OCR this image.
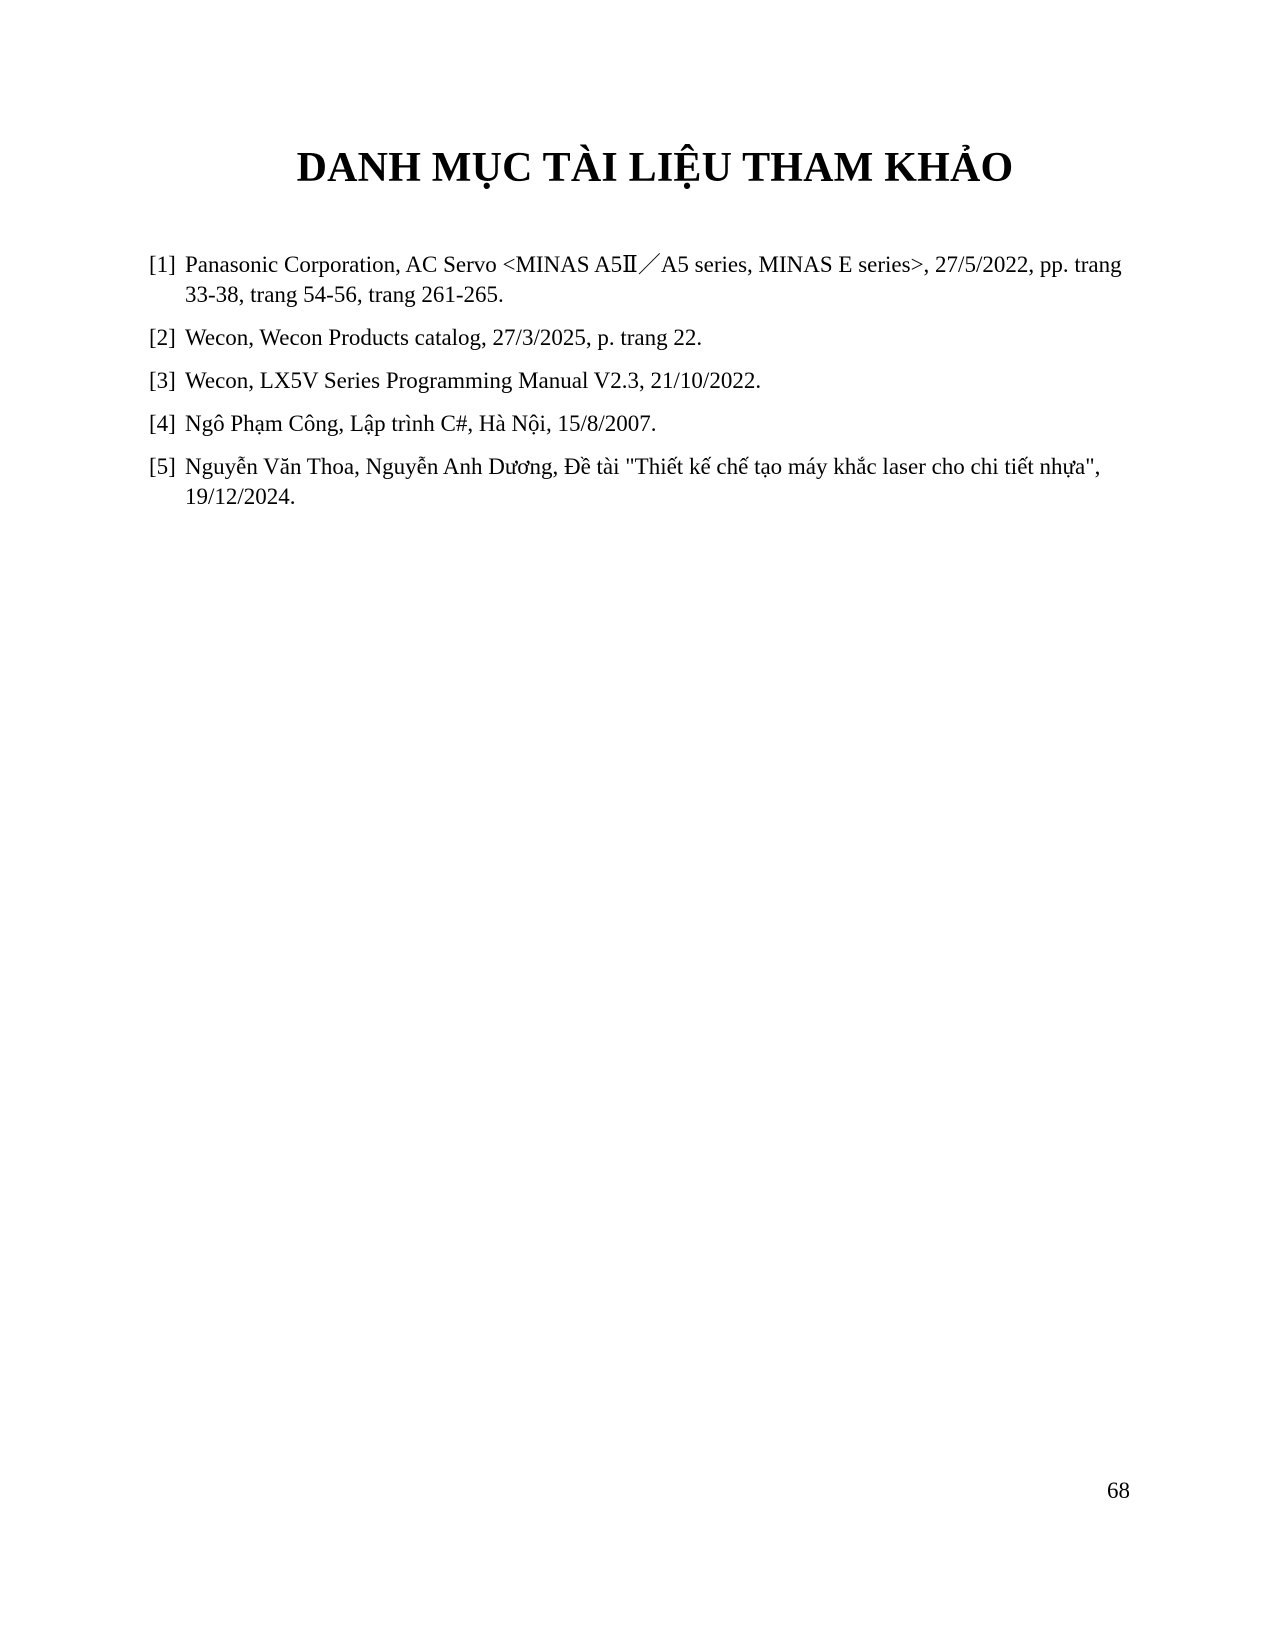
DANH MỤC TÀI LIỆU THAM KHẢO
[1] Panasonic Corporation, AC Servo <MINAS A5Ⅱ／A5 series, MINAS E series>, 27/5/2022, pp. trang 33-38, trang 54-56, trang 261-265.
[2] Wecon, Wecon Products catalog, 27/3/2025, p. trang 22.
[3] Wecon, LX5V Series Programming Manual V2.3, 21/10/2022.
[4] Ngô Phạm Công, Lập trình C#, Hà Nội, 15/8/2007.
[5] Nguyễn Văn Thoa, Nguyễn Anh Dương, Đề tài "Thiết kế chế tạo máy khắc laser cho chi tiết nhựa", 19/12/2024.
68
